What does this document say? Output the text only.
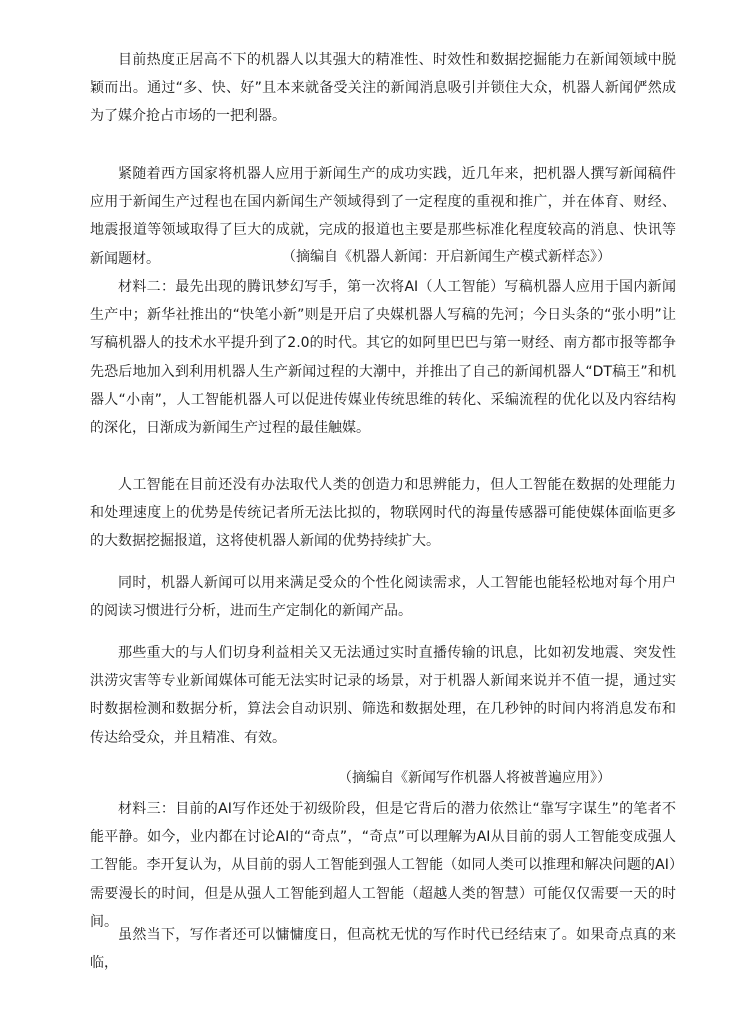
目前热度正居高不下的机器人以其强大的精准性、时效性和数据挖掘能力在新闻领域中脱颖而出。通过“多、快、好”且本来就备受关注的新闻消息吸引并锁住大众，机器人新闻俨然成为了媒介抢占市场的一把利器。

紧随着西方国家将机器人应用于新闻生产的成功实践，近几年来，把机器人撰写新闻稿件应用于新闻生产过程也在国内新闻生产领域得到了一定程度的重视和推广，并在体育、财经、地震报道等领域取得了巨大的成就，完成的报道也主要是那些标准化程度较高的消息、快讯等新闻题材。	（摘编自《机器人新闻：开启新闻生产模式新样态》）

材料二：最先出现的腾讯梦幻写手，第一次将AI（人工智能）写稿机器人应用于国内新闻生产中；新华社推出的“快笔小新”则是开启了央媒机器人写稿的先河；今日头条的“张小明”让写稿机器人的技术水平提升到了2.0的时代。其它的如阿里巴巴与第一财经、南方都市报等都争先恐后地加入到利用机器人生产新闻过程的大潮中，并推出了自己的新闻机器人“DT稿王”和机器人“小南”，人工智能机器人可以促进传媒业传统思维的转化、采编流程的优化以及内容结构的深化，日渐成为新闻生产过程的最佳触媒。

人工智能在目前还没有办法取代人类的创造力和思辨能力，但人工智能在数据的处理能力和处理速度上的优势是传统记者所无法比拟的，物联网时代的海量传感器可能使媒体面临更多的大数据挖掘报道，这将使机器人新闻的优势持续扩大。

同时，机器人新闻可以用来满足受众的个性化阅读需求，人工智能也能轻松地对每个用户的阅读习惯进行分析，进而生产定制化的新闻产品。

那些重大的与人们切身利益相关又无法通过实时直播传输的讯息，比如初发地震、突发性洪涝灾害等专业新闻媒体可能无法实时记录的场景，对于机器人新闻来说并不值一提，通过实时数据检测和数据分析，算法会自动识别、筛选和数据处理，在几秒钟的时间内将消息发布和传达给受众，并且精准、有效。

（摘编自《新闻写作机器人将被普遍应用》）

材料三：目前的AI写作还处于初级阶段，但是它背后的潜力依然让“靠写字谋生”的笔者不能平静。如今，业内都在讨论AI的“奇点”，“奇点”可以理解为AI从目前的弱人工智能变成强人工智能。李开复认为，从目前的弱人工智能到强人工智能（如同人类可以推理和解决问题的AI）需要漫长的时间，但是从强人工智能到超人工智能（超越人类的智慧）可能仅仅需要一天的时间。

虽然当下，写作者还可以慵慵度日，但高枕无忧的写作时代已经结束了。如果奇点真的来临，
